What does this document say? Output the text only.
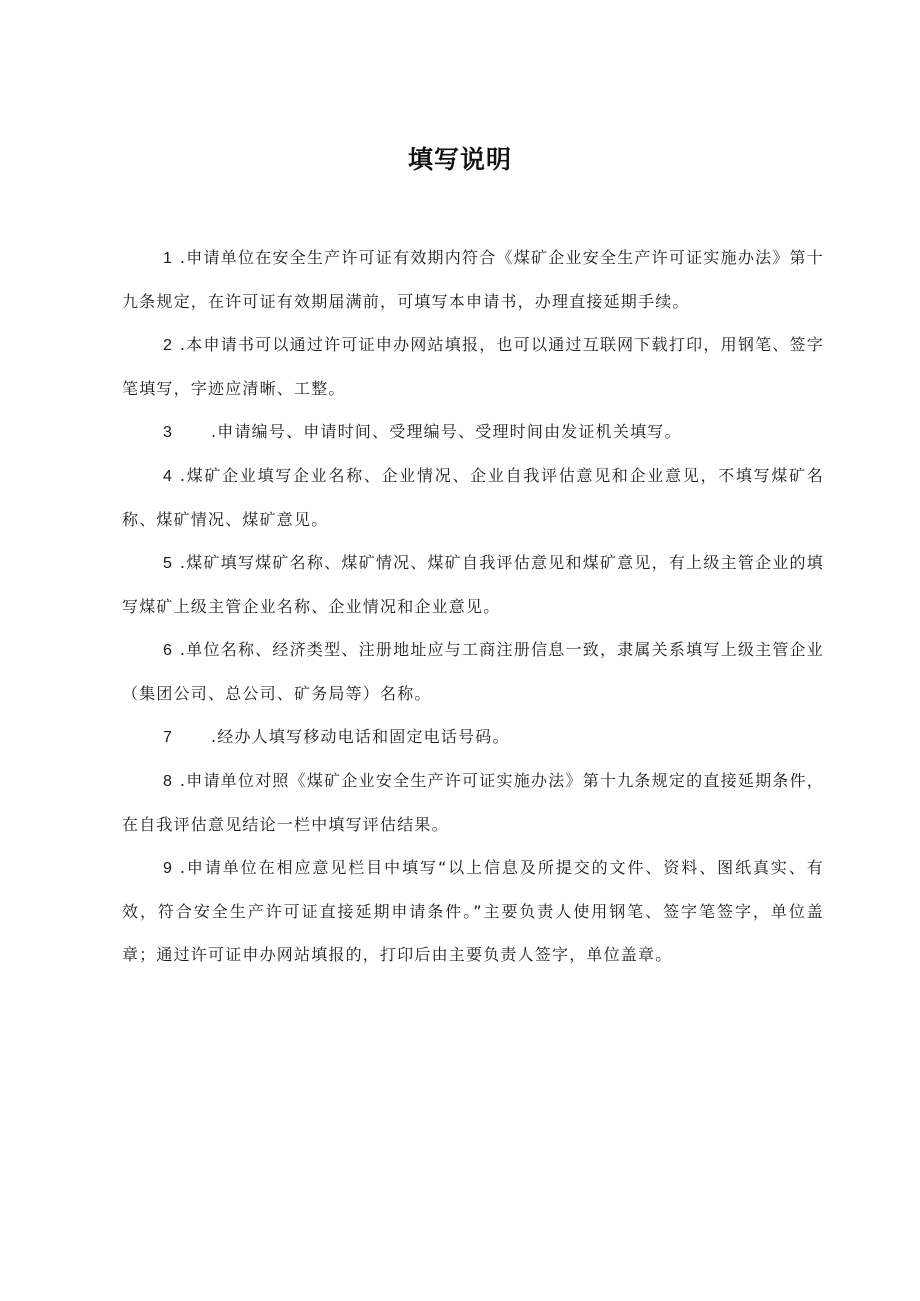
填写说明

1 .申请单位在安全生产许可证有效期内符合《煤矿企业安全生产许可证实施办法》第十九条规定，在许可证有效期届满前，可填写本申请书，办理直接延期手续。

2 .本申请书可以通过许可证申办网站填报，也可以通过互联网下载打印，用钢笔、签字笔填写，字迹应清晰、工整。

3 .申请编号、申请时间、受理编号、受理时间由发证机关填写。

4 .煤矿企业填写企业名称、企业情况、企业自我评估意见和企业意见，不填写煤矿名称、煤矿情况、煤矿意见。

5 .煤矿填写煤矿名称、煤矿情况、煤矿自我评估意见和煤矿意见，有上级主管企业的填写煤矿上级主管企业名称、企业情况和企业意见。

6 .单位名称、经济类型、注册地址应与工商注册信息一致，隶属关系填写上级主管企业（集团公司、总公司、矿务局等）名称。

7 .经办人填写移动电话和固定电话号码。

8 .申请单位对照《煤矿企业安全生产许可证实施办法》第十九条规定的直接延期条件，在自我评估意见结论一栏中填写评估结果。

9 .申请单位在相应意见栏目中填写“以上信息及所提交的文件、资料、图纸真实、有效，符合安全生产许可证直接延期申请条件。”主要负责人使用钢笔、签字笔签字，单位盖章；通过许可证申办网站填报的，打印后由主要负责人签字，单位盖章。
